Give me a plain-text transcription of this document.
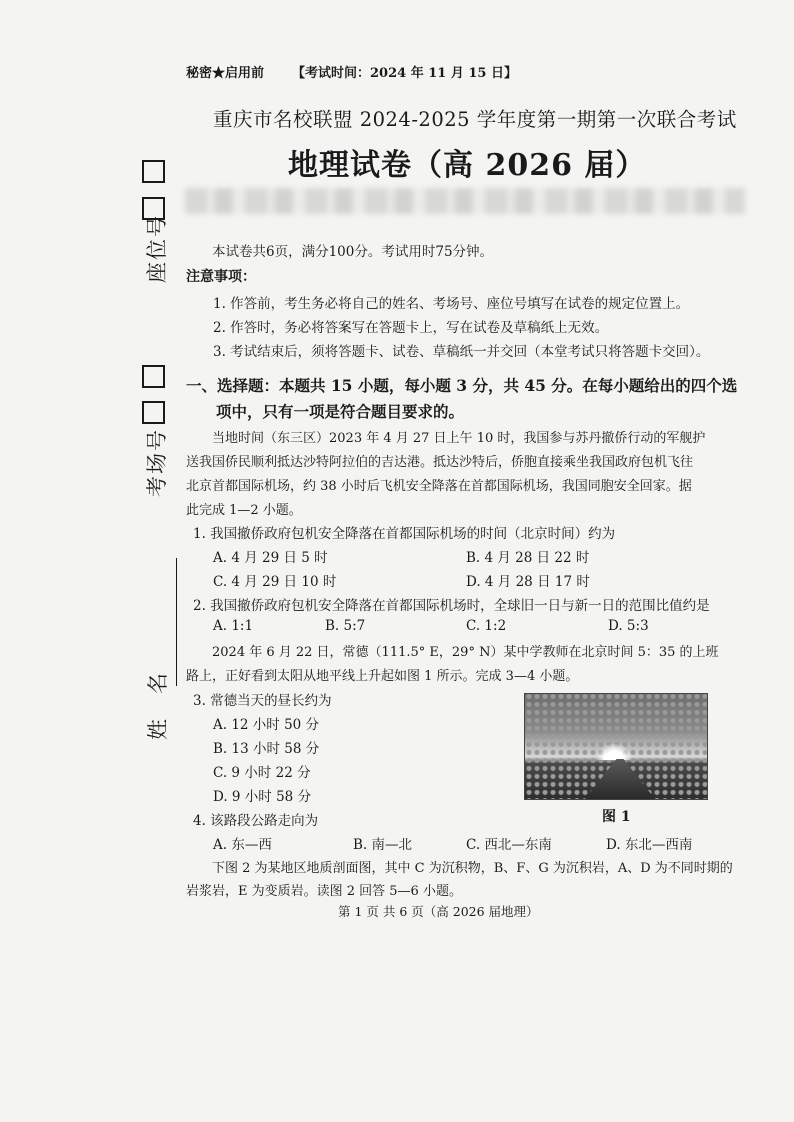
秘密★启用前 【考试时间：2024 年 11 月 15 日】
重庆市名校联盟 2024-2025 学年度第一期第一次联合考试
地理试卷（高 2026 届）
座位号
考场号
姓　名
本试卷共6页，满分100分。考试用时75分钟。
注意事项：
1. 作答前，考生务必将自己的姓名、考场号、座位号填写在试卷的规定位置上。
2. 作答时，务必将答案写在答题卡上，写在试卷及草稿纸上无效。
3. 考试结束后，须将答题卡、试卷、草稿纸一并交回（本堂考试只将答题卡交回）。
一、选择题：本题共 15 小题，每小题 3 分，共 45 分。在每小题给出的四个选
项中，只有一项是符合题目要求的。
当地时间（东三区）2023 年 4 月 27 日上午 10 时，我国参与苏丹撤侨行动的军舰护
送我国侨民顺利抵达沙特阿拉伯的吉达港。抵达沙特后，侨胞直接乘坐我国政府包机飞往
北京首都国际机场，约 38 小时后飞机安全降落在首都国际机场，我国同胞安全回家。据
此完成 1—2 小题。
1. 我国撤侨政府包机安全降落在首都国际机场的时间（北京时间）约为
A. 4 月 29 日 5 时	B. 4 月 28 日 22 时
C. 4 月 29 日 10 时	D. 4 月 28 日 17 时
2. 我国撤侨政府包机安全降落在首都国际机场时，全球旧一日与新一日的范围比值约是
A. 1:1	B. 5:7	C. 1:2	D. 5:3
2024 年 6 月 22 日，常德（111.5° E，29° N）某中学教师在北京时间 5：35 的上班
路上，正好看到太阳从地平线上升起如图 1 所示。完成 3—4 小题。
3. 常德当天的昼长约为
A. 12 小时 50 分
B. 13 小时 58 分
C. 9 小时 22 分
D. 9 小时 58 分
图 1
4. 该路段公路走向为
A. 东—西	B. 南—北	C. 西北—东南	D. 东北—西南
下图 2 为某地区地质剖面图，其中 C 为沉积物，B、F、G 为沉积岩，A、D 为不同时期的
岩浆岩，E 为变质岩。读图 2 回答 5—6 小题。
第 1 页 共 6 页（高 2026 届地理）
